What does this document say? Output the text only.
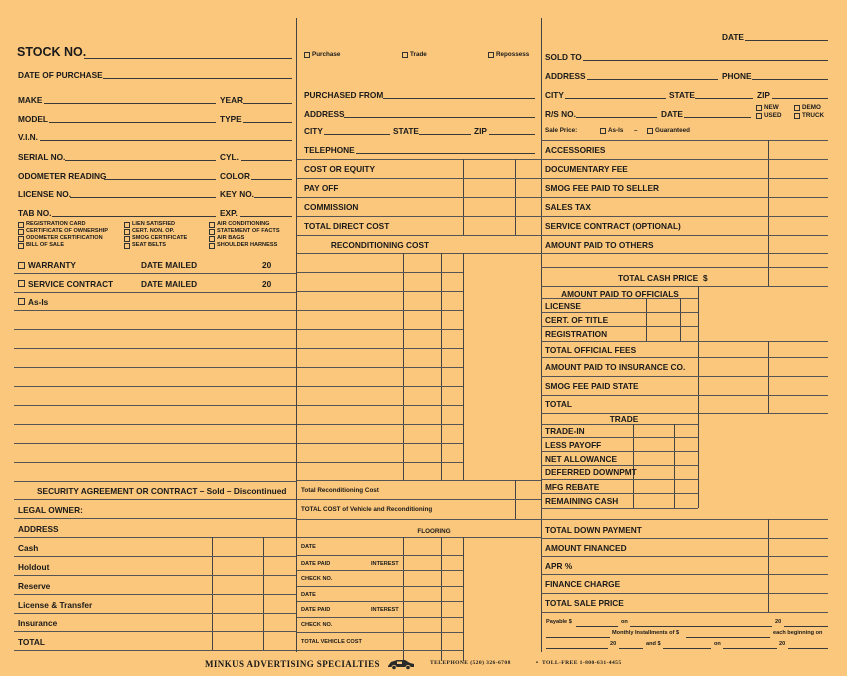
STOCK NO.
DATE OF PURCHASE
MAKE	YEAR
MODEL	TYPE
V.I.N.
SERIAL NO.	CYL.
ODOMETER READING	COLOR
LICENSE NO.	KEY NO.
TAB NO.	EXP.
REGISTRATION CARD	LIEN SATISFIED	AIR CONDITIONING
CERTIFICATE OF OWNERSHIP	CERT. NON. OP.	STATEMENT OF FACTS
ODOMETER CERTIFICATION	SMOG CERTIFICATE	AIR BAGS
BILL OF SALE	SEAT BELTS	SHOULDER HARNESS
WARRANTY	DATE MAILED	20
SERVICE CONTRACT	DATE MAILED	20
As-Is
SECURITY AGREEMENT OR CONTRACT – Sold – Discontinued
LEGAL OWNER:
ADDRESS
Cash
Holdout
Reserve
License & Transfer
Insurance
TOTAL
Purchase	Trade	Repossess
PURCHASED FROM
ADDRESS
CITY	STATE	ZIP
TELEPHONE
COST OR EQUITY
PAY OFF
COMMISSION
TOTAL DIRECT COST
RECONDITIONING COST
Total Reconditioning Cost
TOTAL COST of Vehicle and Reconditioning
FLOORING
DATE
DATE PAID	INTEREST
CHECK NO.
DATE
DATE PAID	INTEREST
CHECK NO.
TOTAL VEHICLE COST
DATE
SOLD TO
ADDRESS	PHONE
CITY	STATE	ZIP
R/S NO.	DATE
NEW	DEMO
USED	TRUCK
Sale Price:	As-Is –	Guaranteed
ACCESSORIES
DOCUMENTARY FEE
SMOG FEE PAID TO SELLER
SALES TAX
SERVICE CONTRACT (OPTIONAL)
AMOUNT PAID TO OTHERS
TOTAL CASH PRICE $
AMOUNT PAID TO OFFICIALS
LICENSE
CERT. OF TITLE
REGISTRATION
TOTAL OFFICIAL FEES
AMOUNT PAID TO INSURANCE CO.
SMOG FEE PAID STATE
TOTAL
TRADE
TRADE-IN
LESS PAYOFF
NET ALLOWANCE
DEFERRED DOWNPMT
MFG REBATE
REMAINING CASH
TOTAL DOWN PAYMENT
AMOUNT FINANCED
APR %
FINANCE CHARGE
TOTAL SALE PRICE
Payable $	on	20
Monthly Installments of $	each beginning on
20	and $	on	20
MINKUS ADVERTISING SPECIALTIES	TELEPHONE (520) 326-6708	• TOLL-FREE 1-800-631-4455
